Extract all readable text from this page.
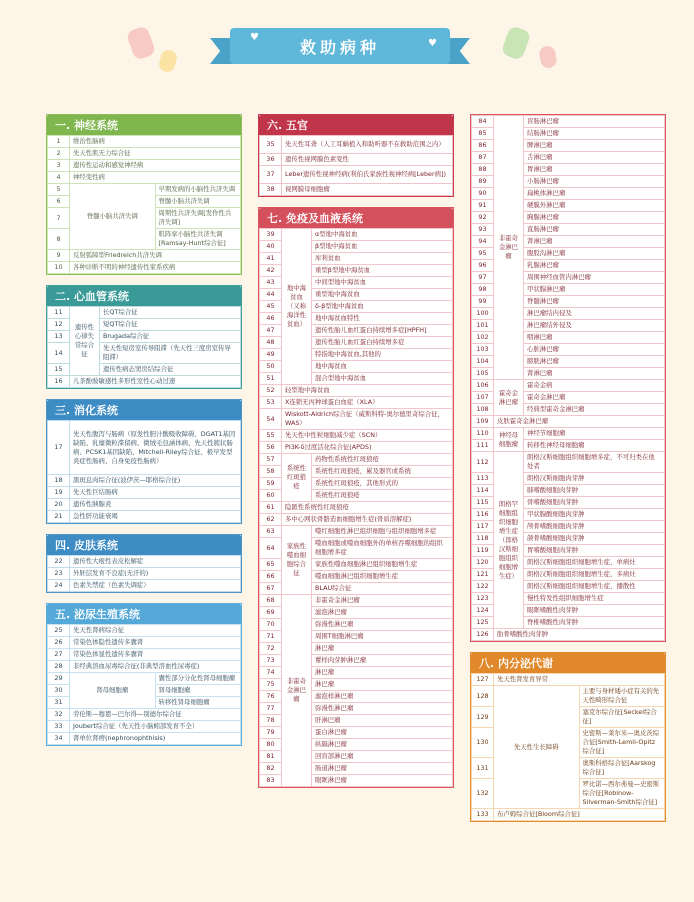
救助病种
♥
♥
一. 神经系统
1	维治性脑病	
2	先天性肌无力综合征	
3	遗传性运动和感觉神经病	
4	神经变性病	
5	脊髓小脑共济失调	早期发病的小脑性共济失调
6		脊髓小脑共济失调
7		周期性共济失调[发作性共济失调]
8		肌阵挛小脑性共济失调[Ramsay-Hunt综合征]
9	反射弧障型Friedreich共济失调	
10	各种诊断不明的神经遗传性家系疾病	
二. 心血管系统
11	遗传性心律失常综合征	长QT综合征
12		短QT综合征
13		Brugada综合征
14		先天性短房室传导阻滞（先天性三度房室传导阻滞）
15		遗传性病态窦房结综合征
16	儿茶酚胺敏感性多形性室性心动过速	
三. 消化系统
17	先天性腹泻与肠病（原发性胆汁酸吸收障碍、DGAT1基因缺陷、乳糜微粒滞留病、微绒毛包涵体病、先天性簇状肠病、PCSK1基因缺陷、Mitchell-Riley综合征、极早发型炎症性肠病、自身免疫性肠病）
18	黑斑息肉综合征(波伊茨—耶格综合征)
19	先天性巨结肠病
20	遗传性胰腺炎
21	急性肝功能衰竭
四. 皮肤系统
22	遗传性大疱性表皮松解症
23	外胚层发育不良症(无汗的)
24	色素失禁症（色素失调症）
五. 泌尿生殖系统
25	先天性肾病综合征	
26	常染色体隐性遗传多囊肾	
27	常染色体显性遗传多囊肾	
28	非经典溶血尿毒综合征(非典型溶血性尿毒症)	
29	肾母细胞瘤	囊性部分分化性肾母细胞瘤
30		肾母细胞瘤
31		转移性肾母细胞瘤
32	劳伦斯—穆恩—巴尔得—别德尔综合征	
33	Joubert综合征（先天性小脑蚓部发育不全）	
34	肾单位肾痨(nephronophthisis)	
六. 五官
35	先天性耳聋（人工耳蜗植入和助听器不在救助范围之内）
36	遗传性视网膜色素变性
37	Leber遗传性视神经病(利伯氏家族性视神经病[Leber病])
38	视网膜母细胞瘤
七. 免疫及血液系统
39	地中海贫血（又称海洋性贫血）	α型地中海贫血
40		β型地中海贫血
41		库利贫血
42		重型β型地中海贫血
43		中间型地中海贫血
44		重型地中海贫血
45		δ-β型地中海贫血
46		地中海贫血特性
47		遗传性胎儿血红蛋白持续增多症[HPFH]
48		遗传性胎儿血红蛋白持续增多症
49		特指地中海贫血,其他的
50		地中海贫血
51		混合型地中海贫血
52	轻型地中海贫血	
53	X连锁无丙种球蛋白血症（XLA）	
54	Wiskott-Aldrich综合征（威斯科特-奥尔德里奇综合征，WAS）	
55	先天性中性粒细胞减少症（SCN）	
56	PI3K-δ过度活化综合征(APDS)	
57	系统性红斑狼疮	药物性系统性红斑狼疮
58		系统性红斑狼疮，累及器官或系统
59		系统性红斑狼疮，其他形式的
60		系统性红斑狼疮
61	隐匿性系统性红斑狼疮	
62	多中心网状骨骼造血细胞增生症(骨质溶解症)	
63	家族性噬血细胞综合征	噬红细胞性淋巴组织细胞与组织细胞增多症
64		噬血细胞或噬血细胞外的单核吞噬细胞的组织细胞增多症
65		家族性噬血细胞淋巴组织细胞增生症
66		噬血细胞淋巴组织细胞增生症
67		BLAU综合征
68	非霍奇金淋巴瘤	非霍奇金淋巴瘤
69		滤泡淋巴瘤
70		弥漫性淋巴瘤
71		周围T细胞淋巴瘤
72		淋巴瘤
73		蕈样肉芽肿淋巴瘤
74		淋巴瘤
75		淋巴瘤
76		滤泡样淋巴瘤
77		弥漫性淋巴瘤
78		肝淋巴瘤
79		蛋白淋巴瘤
80		纵隔淋巴瘤
81		回盲部淋巴瘤
82		肠道淋巴瘤
83		眼眶淋巴瘤
84	非霍奇金淋巴瘤	盲肠淋巴瘤
85		结肠淋巴瘤
86		脾淋巴瘤
87		舌淋巴瘤
88		胃淋巴瘤
89		小肠淋巴瘤
90		扁桃体淋巴瘤
91		硬膜外淋巴瘤
92		胸腺淋巴瘤
93		直肠淋巴瘤
94		肾淋巴瘤
95		腹股沟淋巴瘤
96		乳腺淋巴瘤
97		周围神经血管内淋巴瘤
98		甲状腺淋巴瘤
99		脊髓淋巴瘤
100		淋巴瘤结内侵及
101		淋巴瘤结外侵及
102		咽淋巴瘤
103		心脏淋巴瘤
104		膀胱淋巴瘤
105		肾淋巴瘤
106	霍奇金淋巴瘤	霍奇金病
107		霍奇金淋巴瘤
108		经典型霍奇金淋巴瘤
109	皮肤霍奇金淋巴瘤	
110	神经母细胞瘤	神经节细胞瘤
111		转移性神经母细胞瘤
112	朗格罕细胞组织细胞增生症（郎格汉斯细胞组织细胞增生症）	朗格汉斯细胞组织细胞增多症，不可归类在他处者
113		朗格汉斯细胞肉芽肿
114		肺嗜酸细胞肉芽肿
115		骨嗜酸细胞肉芽肿
116		甲状腺酸细胞肉芽肿
117		颅骨嗜酸细胞肉芽肿
118		颌骨嗜酸细胞肉芽肿
119		胃嗜酸细胞肉芽肿
120		朗格汉斯细胞组织细胞增生症，单病灶
121		朗格汉斯细胞组织细胞增生症，多病灶
122		朗格汉斯细胞组织细胞增生症，播散性
123		慢性特发性组织细胞增生症
124		眼眶嗜酸性肉芽肿
125		脊椎嗜酸性肉芽肿
126	肋骨嗜酸性肉芽肿	
八. 内分泌代谢
127	先天性肾发育异常	
128	先天性生长障碍	主要与身材矮小症有关的先天性畸形综合征
129		塞克尔综合征[Seckel综合征]
130		史密斯—莱尔米—奥皮茨综合征[Smith-Lemli-Opitz综合征]
131		奥斯科格综合征[Aarskog综合征]
132		罗比诺—西尔弗曼—史密斯综合征[Robinow-Silverman-Smith综合征]
133	布卢姆综合征[Bloom综合征]	
